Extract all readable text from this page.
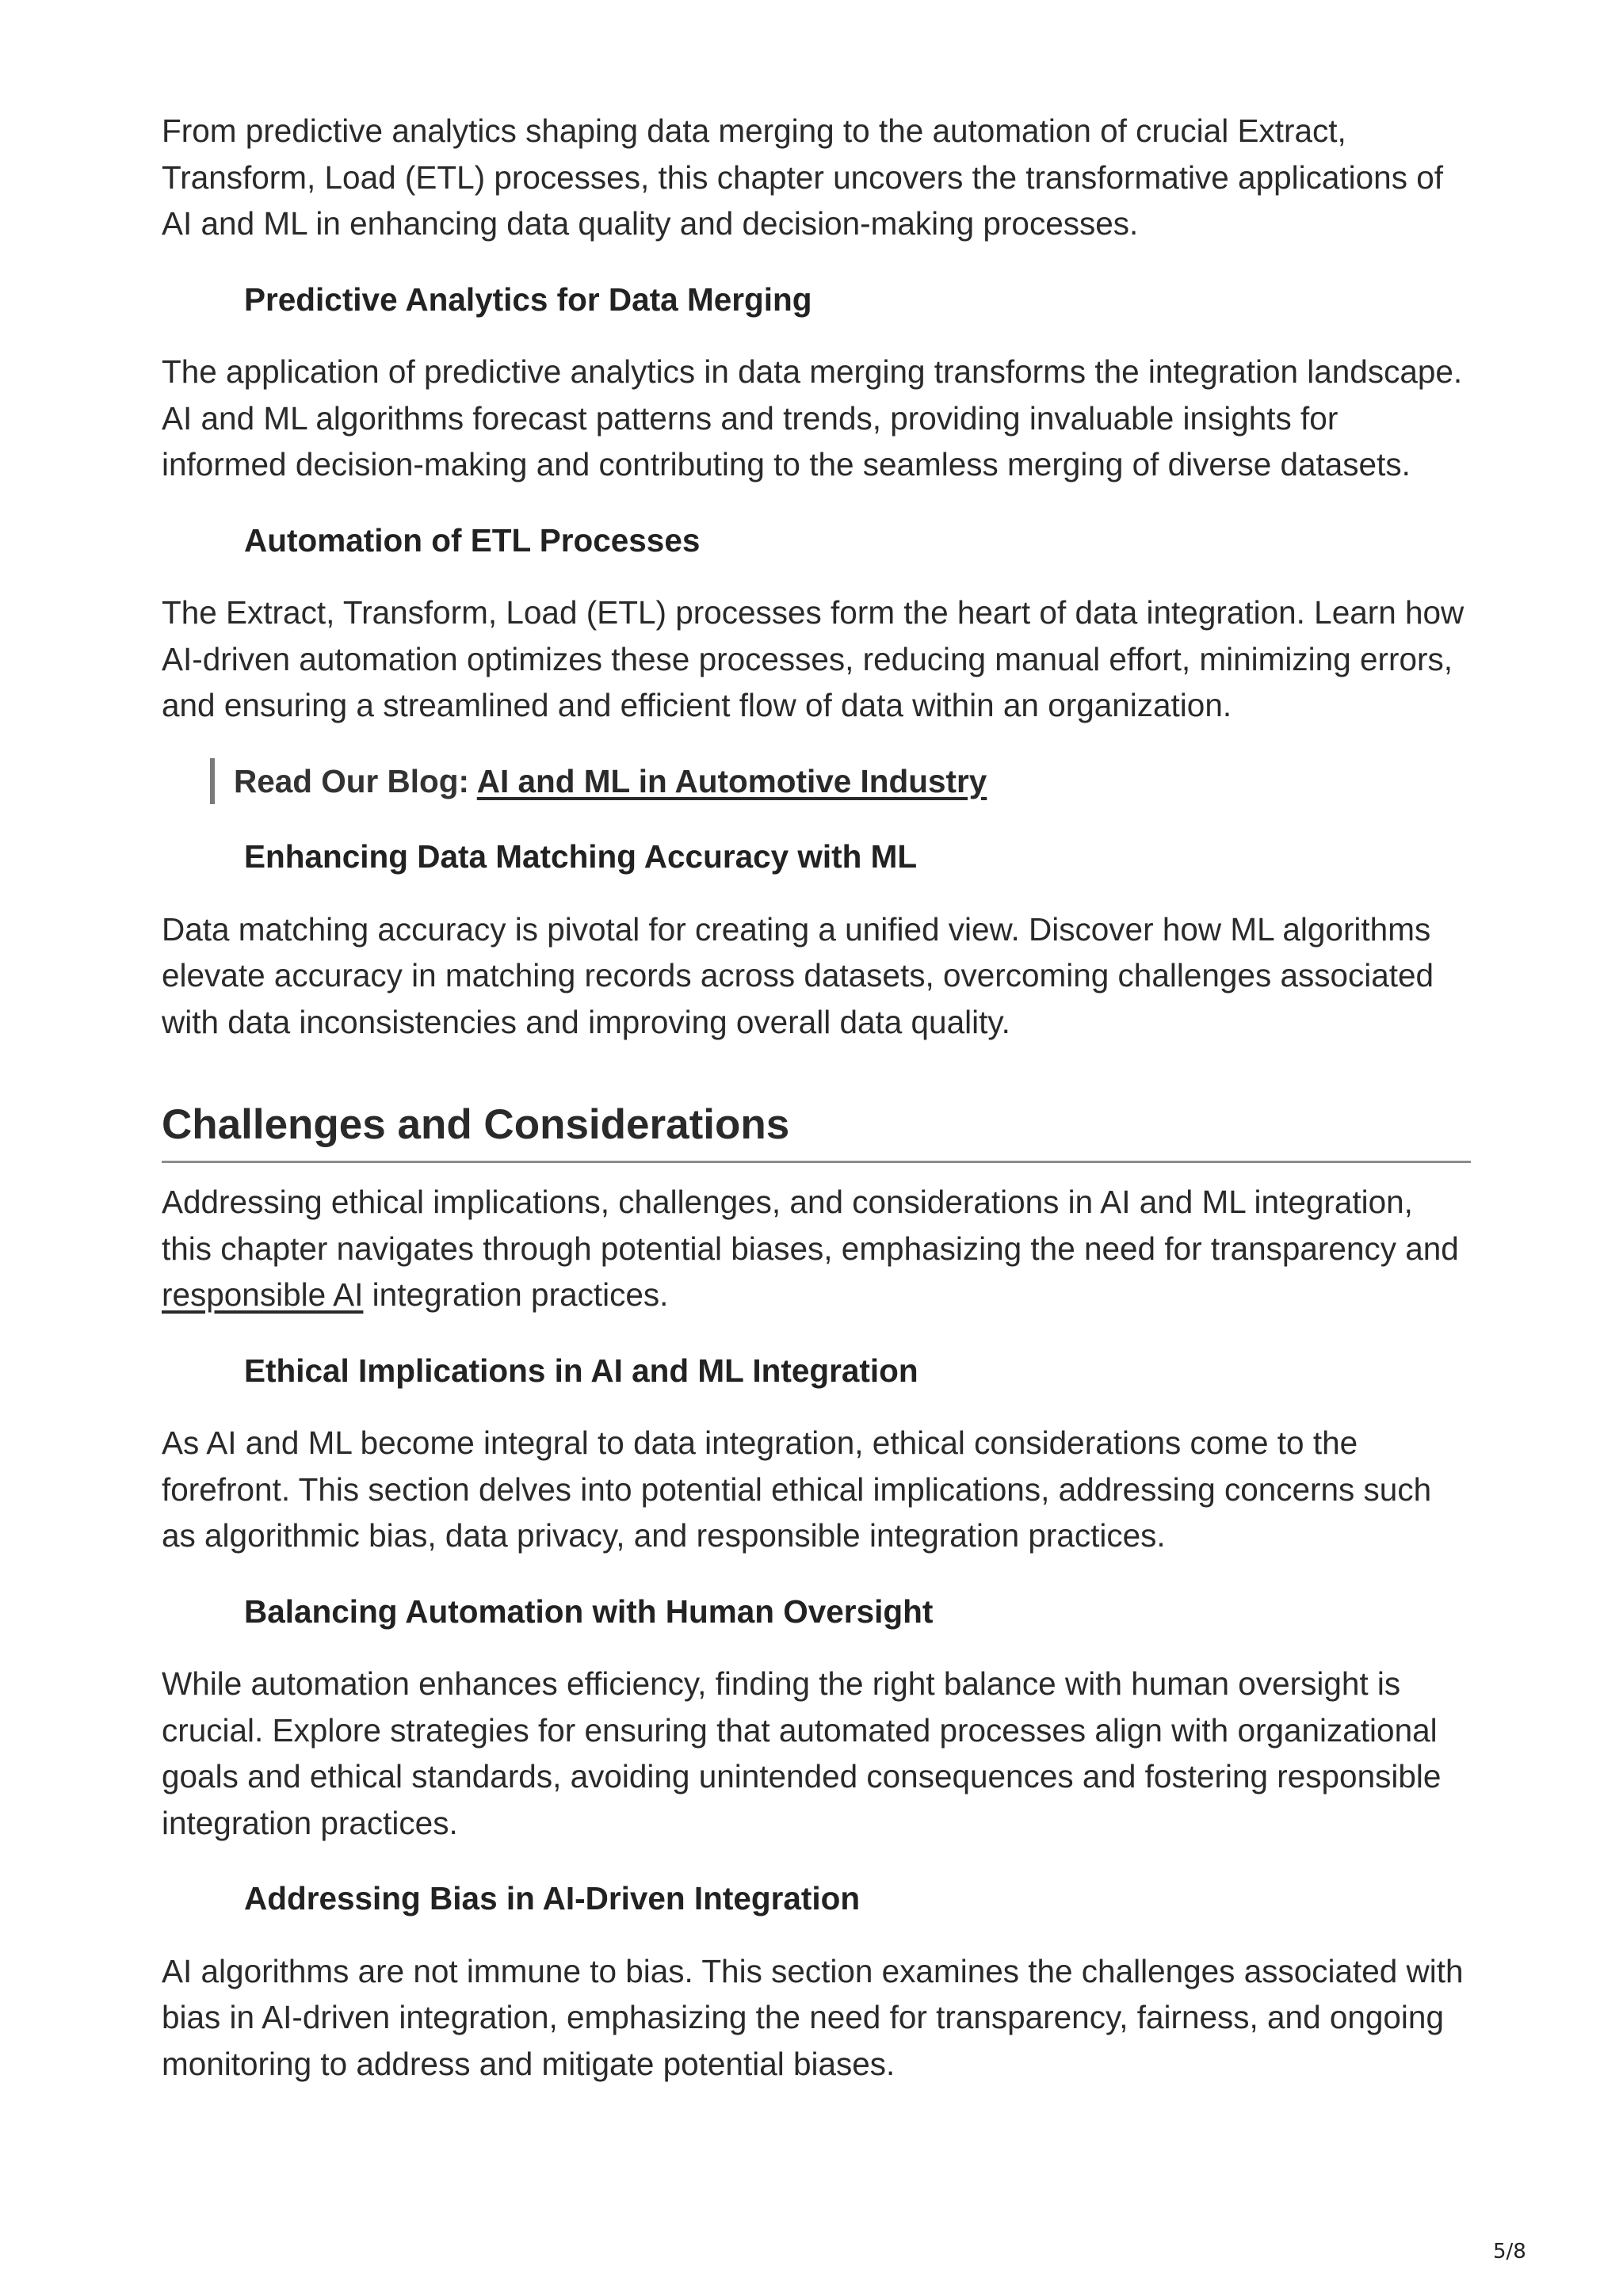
From predictive analytics shaping data merging to the automation of crucial Extract, Transform, Load (ETL) processes, this chapter uncovers the transformative applications of AI and ML in enhancing data quality and decision-making processes.

Predictive Analytics for Data Merging

The application of predictive analytics in data merging transforms the integration landscape. AI and ML algorithms forecast patterns and trends, providing invaluable insights for informed decision-making and contributing to the seamless merging of diverse datasets.

Automation of ETL Processes

The Extract, Transform, Load (ETL) processes form the heart of data integration. Learn how AI-driven automation optimizes these processes, reducing manual effort, minimizing errors, and ensuring a streamlined and efficient flow of data within an organization.

Read Our Blog: AI and ML in Automotive Industry
Enhancing Data Matching Accuracy with ML

Data matching accuracy is pivotal for creating a unified view. Discover how ML algorithms elevate accuracy in matching records across datasets, overcoming challenges associated with data inconsistencies and improving overall data quality.

Challenges and Considerations

Addressing ethical implications, challenges, and considerations in AI and ML integration, this chapter navigates through potential biases, emphasizing the need for transparency and responsible AI integration practices.

Ethical Implications in AI and ML Integration

As AI and ML become integral to data integration, ethical considerations come to the forefront. This section delves into potential ethical implications, addressing concerns such as algorithmic bias, data privacy, and responsible integration practices.

Balancing Automation with Human Oversight

While automation enhances efficiency, finding the right balance with human oversight is crucial. Explore strategies for ensuring that automated processes align with organizational goals and ethical standards, avoiding unintended consequences and fostering responsible integration practices.

Addressing Bias in AI-Driven Integration

AI algorithms are not immune to bias. This section examines the challenges associated with bias in AI-driven integration, emphasizing the need for transparency, fairness, and ongoing monitoring to address and mitigate potential biases.

5/8
